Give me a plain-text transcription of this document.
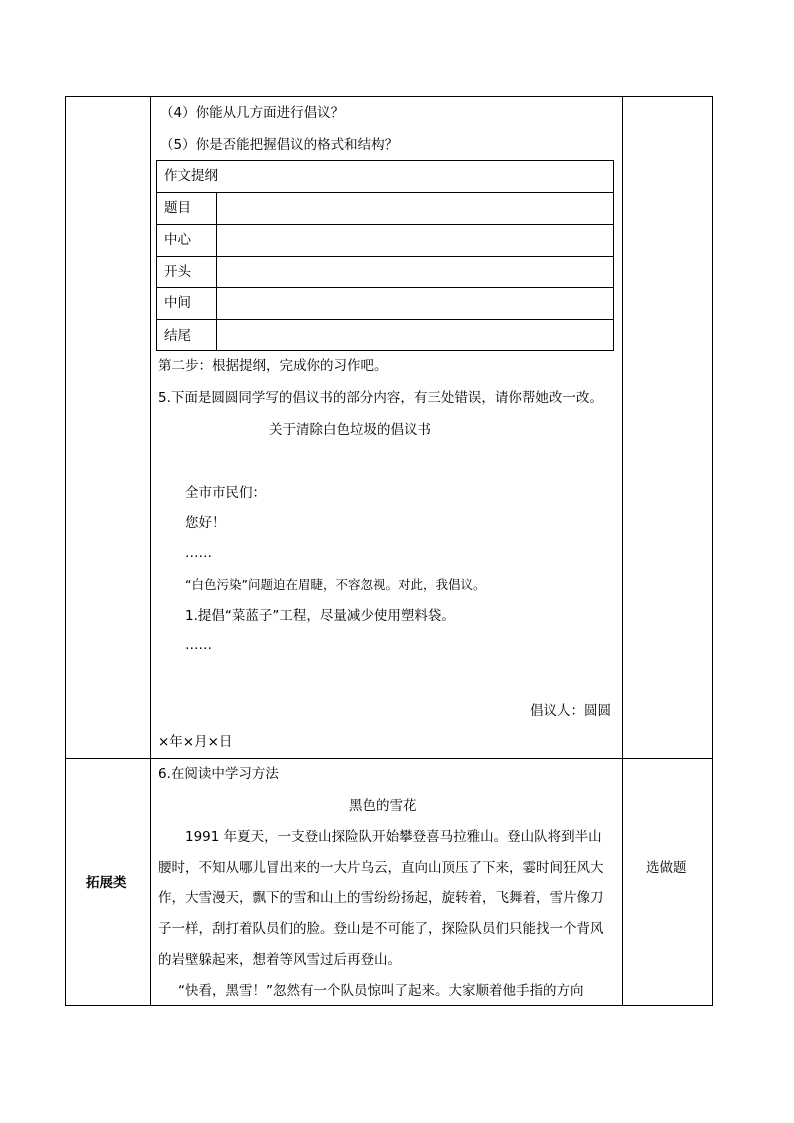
（4）你能从几方面进行倡议？
（5）你是否能把握倡议的格式和结构？
作文提纲
题目
中心
开头
中间
结尾
第二步：根据提纲，完成你的习作吧。
5.下面是圆圆同学写的倡议书的部分内容，有三处错误，请你帮她改一改。
关于清除白色垃圾的倡议书
全市市民们：
您好！
……
“白色污染”问题迫在眉睫，不容忽视。对此，我倡议。
1.提倡“菜蓝子”工程，尽量减少使用塑料袋。
……
倡议人：圆圆
×年×月×日
拓展类
选做题
6.在阅读中学习方法
黑色的雪花
1991 年夏天，一支登山探险队开始攀登喜马拉雅山。登山队将到半山
腰时，不知从哪儿冒出来的一大片乌云，直向山顶压了下来，霎时间狂风大
作，大雪漫天，飘下的雪和山上的雪纷纷扬起，旋转着，飞舞着，雪片像刀
子一样，刮打着队员们的脸。登山是不可能了，探险队员们只能找一个背风
的岩壁躲起来，想着等风雪过后再登山。
“快看，黑雪！”忽然有一个队员惊叫了起来。大家顺着他手指的方向
